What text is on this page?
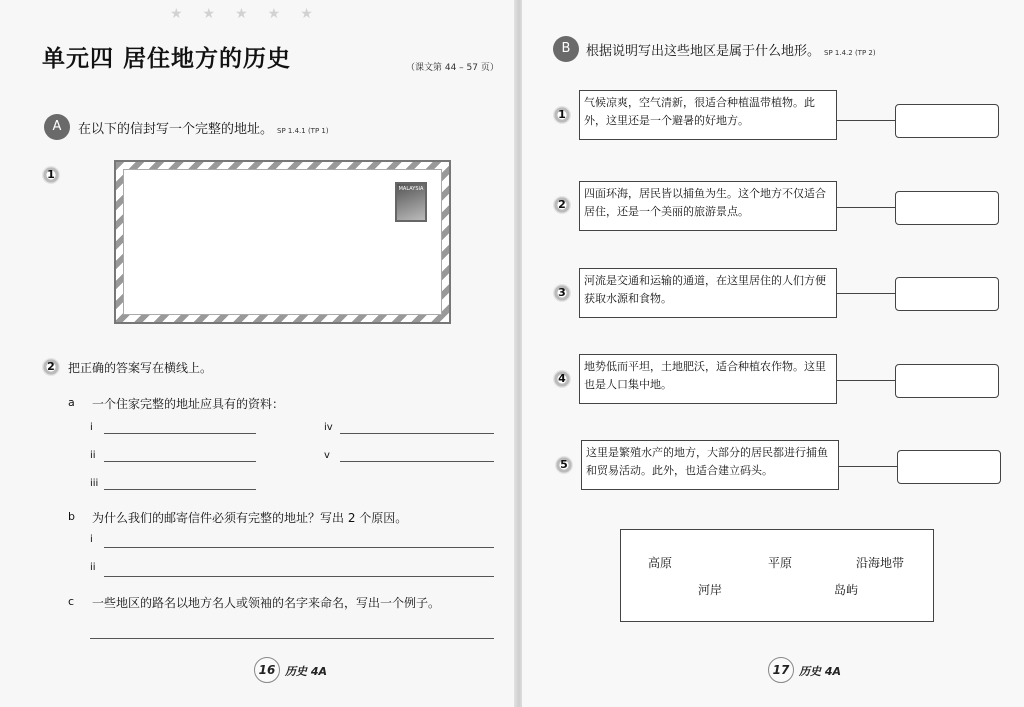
★★★★★
单元四 居住地方的历史	（课文第 44 – 57 页）
A	在以下的信封写一个完整的地址。 SP 1.4.1 (TP 1)
1
MALAYSIA
2	把正确的答案写在横线上。
a 一个住家完整的地址应具有的资料：
i
ii
iii
iv
v
b 为什么我们的邮寄信件必须有完整的地址？写出 2 个原因。
i
ii
c 一些地区的路名以地方名人或领袖的名字来命名，写出一个例子。
16 历史 4A
B	根据说明写出这些地区是属于什么地形。 SP 1.4.2 (TP 2)
1
气候凉爽，空气清新，很适合种植温带植物。此外，这里还是一个避暑的好地方。
2
四面环海，居民皆以捕鱼为生。这个地方不仅适合居住，还是一个美丽的旅游景点。
3
河流是交通和运输的通道，在这里居住的人们方便获取水源和食物。
4
地势低而平坦，土地肥沃，适合种植农作物。这里也是人口集中地。
5
这里是繁殖水产的地方，大部分的居民都进行捕鱼和贸易活动。此外，也适合建立码头。
高原	平原	沿海地带
河岸	岛屿
17 历史 4A
